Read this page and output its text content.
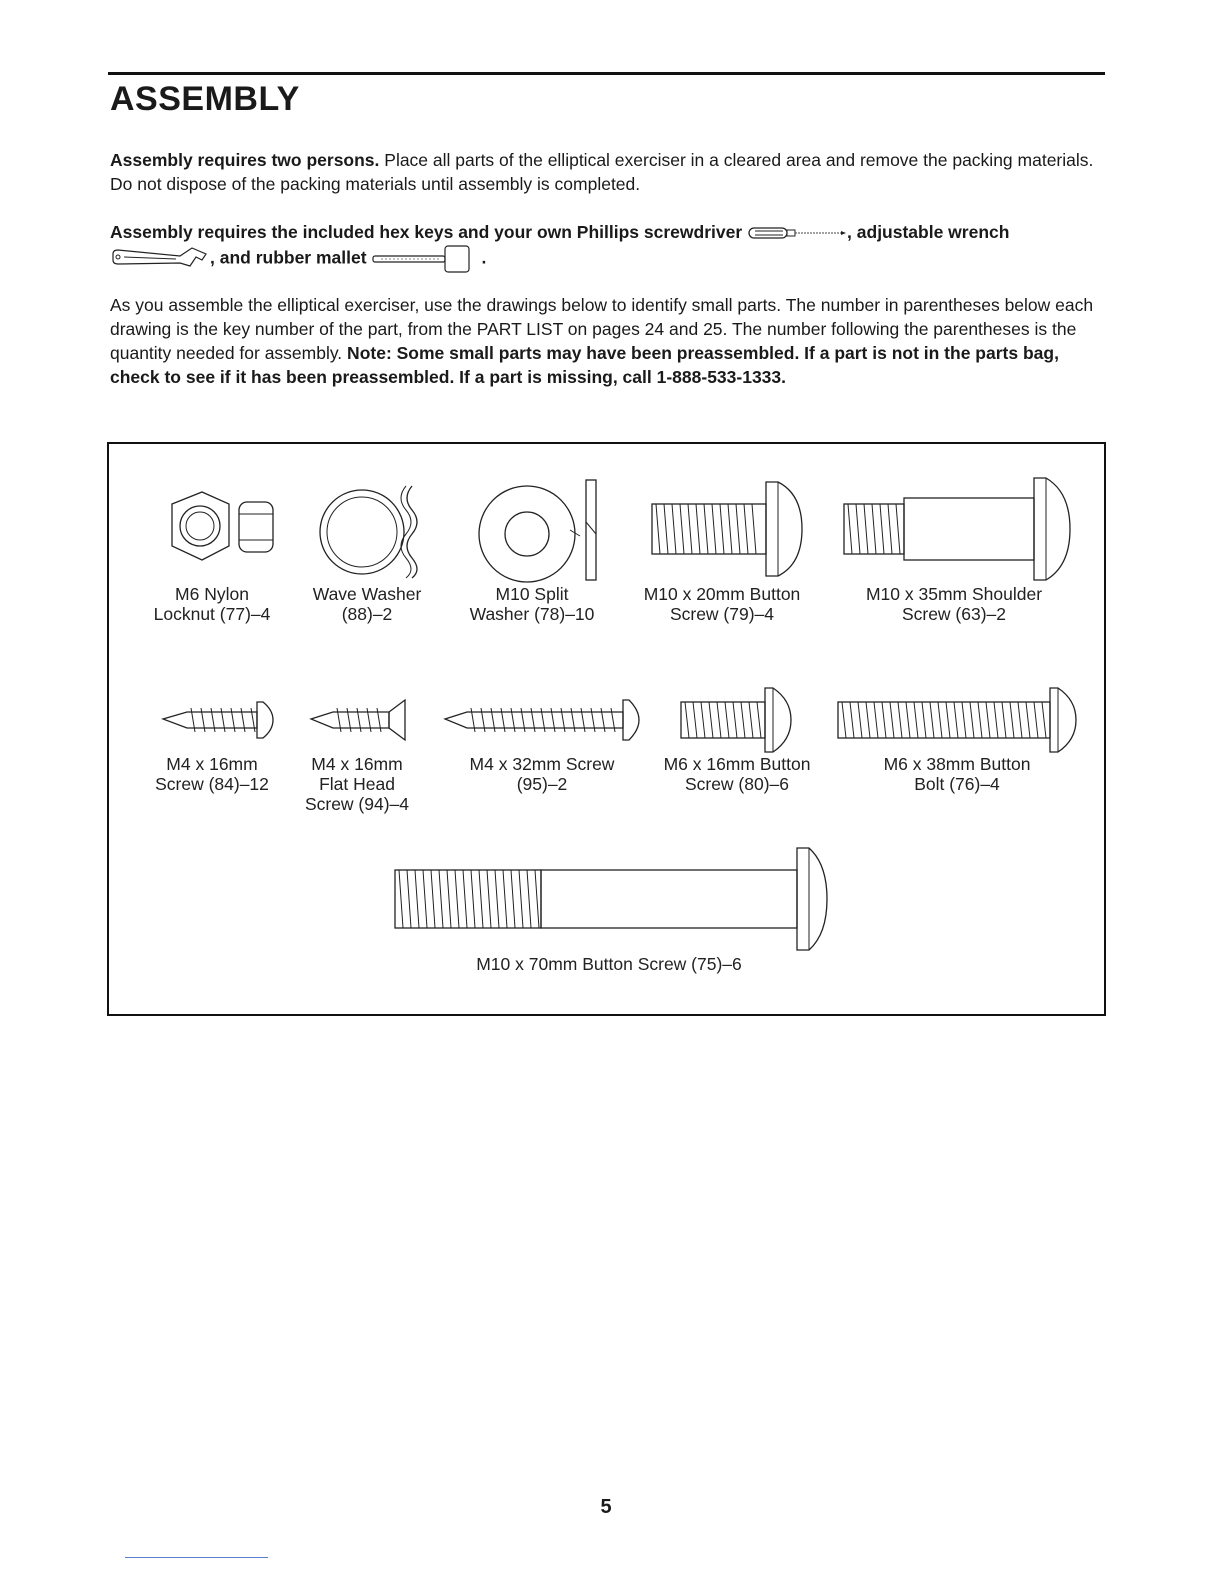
ASSEMBLY

Assembly requires two persons. Place all parts of the elliptical exerciser in a cleared area and remove the packing materials. Do not dispose of the packing materials until assembly is completed.

Assembly requires the included hex keys and your own Phillips screwdriver	, adjustable wrench , and rubber mallet	.

As you assemble the elliptical exerciser, use the drawings below to identify small parts. The number in parentheses below each drawing is the key number of the part, from the PART LIST on pages 24 and 25. The number following the parentheses is the quantity needed for assembly. Note: Some small parts may have been preassembled. If a part is not in the parts bag, check to see if it has been preassembled. If a part is missing, call 1-888-533-1333.

M6 Nylon
Locknut (77)–4
Wave Washer
(88)–2
M10 Split
Washer (78)–10
M10 x 20mm Button
Screw (79)–4
M10 x 35mm Shoulder
Screw (63)–2
M4 x 16mm
Screw (84)–12
M4 x 16mm
Flat Head
Screw (94)–4
M4 x 32mm Screw
(95)–2
M6 x 16mm Button
Screw (80)–6
M6 x 38mm Button
Bolt (76)–4
M10 x 70mm Button Screw (75)–6
5
